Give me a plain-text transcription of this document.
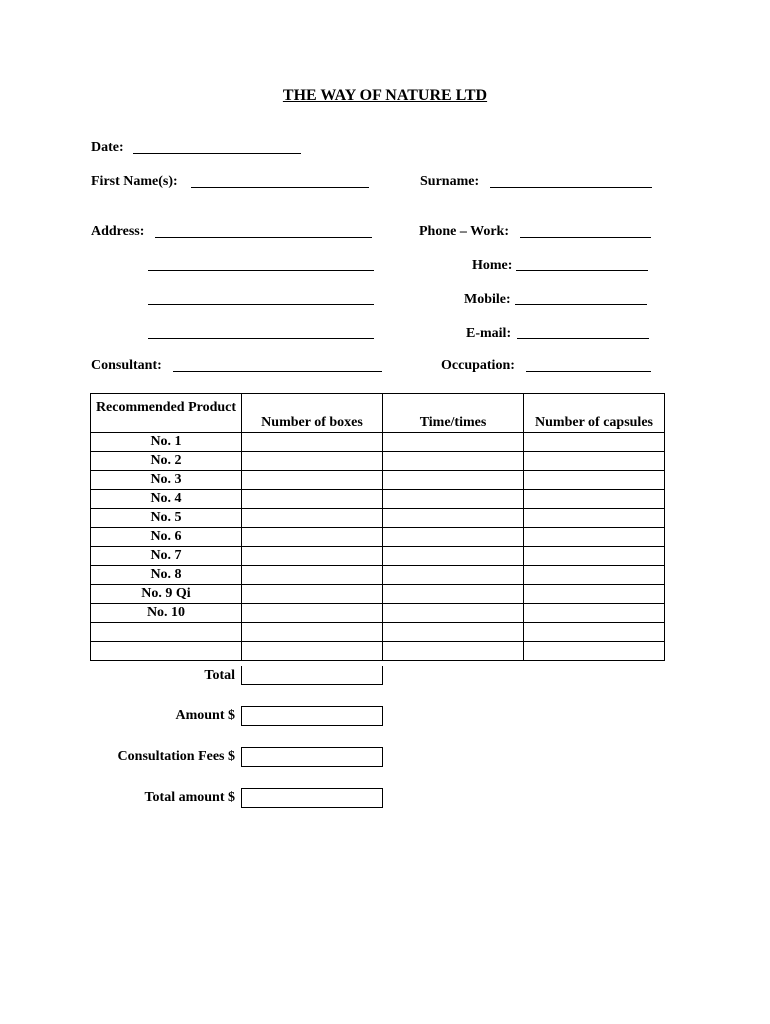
THE WAY OF NATURE LTD
Date:
First Name(s):	Surname:
Address:	Phone – Work:
Home:
Mobile:
E-mail:
Consultant:	Occupation:
Recommended Product	Number of boxes	Time/times	Number of capsules
No. 1			
No. 2			
No. 3			
No. 4			
No. 5			
No. 6			
No. 7			
No. 8			
No. 9 Qi			
No. 10			

Total
Amount $
Consultation Fees $
Total amount $
